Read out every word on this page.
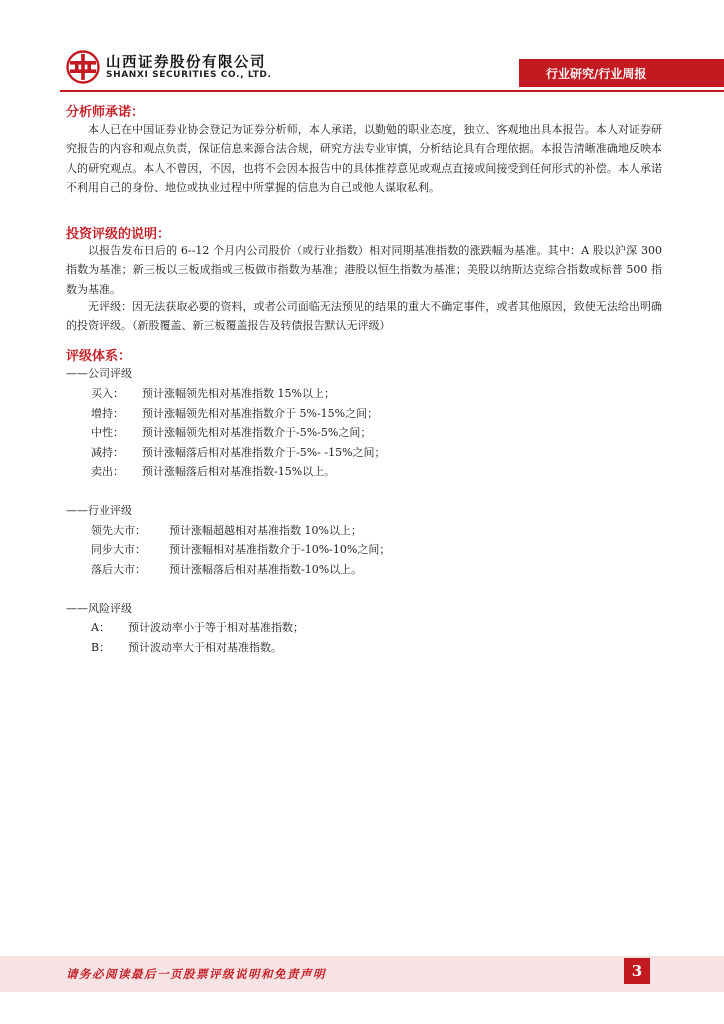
山西证券股份有限公司
SHANXI SECURITIES CO., LTD.	行业研究/行业周报
分析师承诺：
本人已在中国证券业协会登记为证券分析师，本人承诺，以勤勉的职业态度，独立、客观地出具本报告。本人对证券研究报告的内容和观点负责，保证信息来源合法合规，研究方法专业审慎，分析结论具有合理依据。本报告清晰准确地反映本人的研究观点。本人不曾因，不因，也将不会因本报告中的具体推荐意见或观点直接或间接受到任何形式的补偿。本人承诺不利用自己的身份、地位或执业过程中所掌握的信息为自己或他人谋取私利。
投资评级的说明：
以报告发布日后的 6--12 个月内公司股价（或行业指数）相对同期基准指数的涨跌幅为基准。其中：A 股以沪深 300 指数为基准；新三板以三板成指或三板做市指数为基准；港股以恒生指数为基准；美股以纳斯达克综合指数或标普 500 指数为基准。
无评级：因无法获取必要的资料，或者公司面临无法预见的结果的重大不确定事件，或者其他原因，致使无法给出明确的投资评级。（新股覆盖、新三板覆盖报告及转债报告默认无评级）
评级体系：
——公司评级
买入： 预计涨幅领先相对基准指数 15%以上；
增持： 预计涨幅领先相对基准指数介于 5%-15%之间；
中性： 预计涨幅领先相对基准指数介于-5%-5%之间；
减持： 预计涨幅落后相对基准指数介于-5%- -15%之间；
卖出： 预计涨幅落后相对基准指数-15%以上。
——行业评级
领先大市： 预计涨幅超越相对基准指数 10%以上；
同步大市： 预计涨幅相对基准指数介于-10%-10%之间；
落后大市： 预计涨幅落后相对基准指数-10%以上。
——风险评级
A： 预计波动率小于等于相对基准指数；
B： 预计波动率大于相对基准指数。
请务必阅读最后一页股票评级说明和免责声明	3
